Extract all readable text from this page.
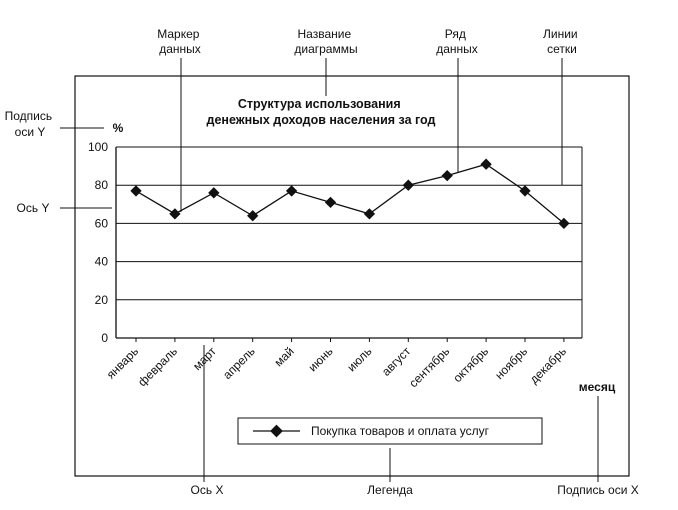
Маркер данных
Название диаграммы
Ряд данных
Линии сетки
Подпись оси Y
Ось Y
Ось X	Легенда	Подпись оси X
Структура использования денежных доходов населения за год
%
месяц
0
20
40
60
80
100
январь
февраль март апрель май июнь июль август
сентябрь
октябрь ноябрь
декабрь
Покупка товаров и оплата услуг
